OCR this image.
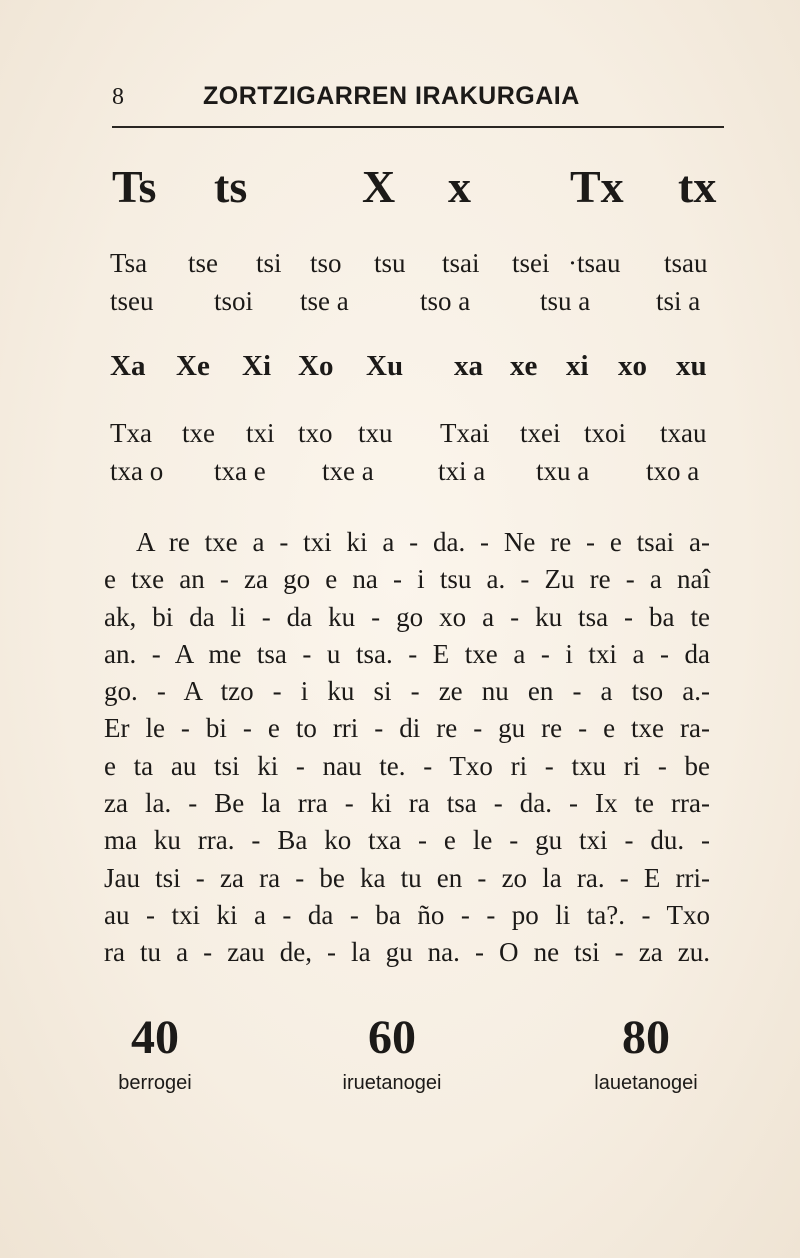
8	ZORTZIGARREN IRAKURGAIA
Ts ts X x Tx tx
Tsa tse tsi tso tsu tsai tsei ·tsau tsau
tseu tsoi tse a	tso a	tsu a tsi a
Xa Xe Xi Xo Xu xa xe xi xo xu
Txa txe txi txo txu Txai txei txoi txau
txa o txa e txe a txi a txu a txo a
A re txe a - txi ki a - da. - Ne re - e tsai a-
e txe an - za go e na - i tsu a. - Zu re - a naî
ak, bi da li - da ku - go xo a - ku tsa - ba te
an. - A me tsa - u tsa. - E txe a - i txi a - da
go. - A tzo - i ku si - ze nu en - a tso a.-
Er le - bi - e to rri - di re - gu re - e txe ra-
e ta au tsi ki - nau te. - Txo ri - txu ri - be
za la. - Be la rra - ki ra tsa - da. - Ix te rra-
ma ku rra. - Ba ko txa - e le - gu txi - du. -
Jau tsi - za ra - be ka tu en - zo la ra. - E rri-
au - txi ki a - da - ba ño - - po li ta?. - Txo
ra tu a - zau de, - la gu na. - O ne tsi - za zu.
40
berrogei
60
iruetanogei
80
lauetanogei
